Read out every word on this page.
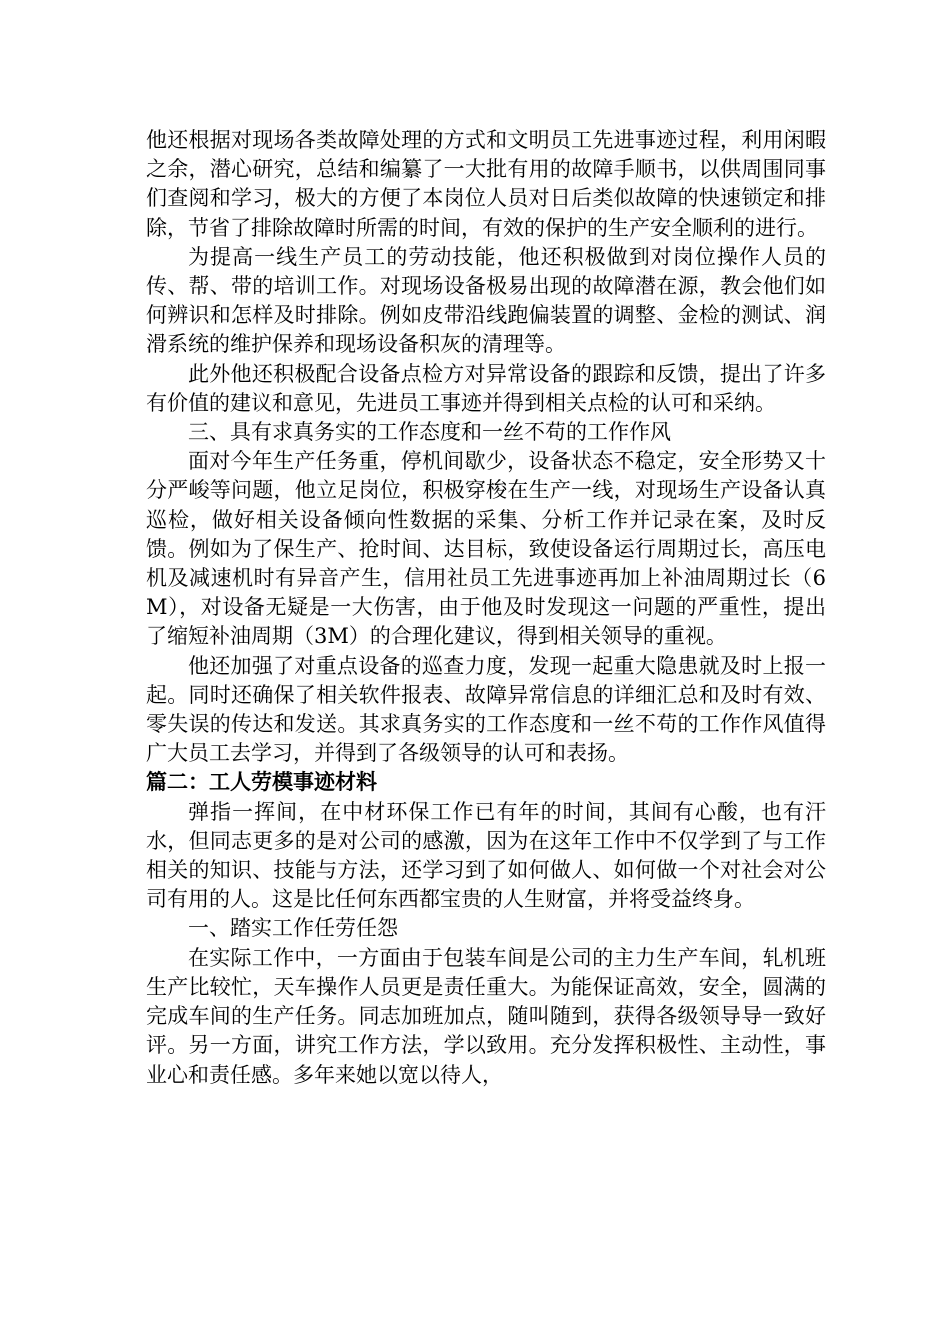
他还根据对现场各类故障处理的方式和文明员工先进事迹过程，利用闲暇之余，潜心研究，总结和编纂了一大批有用的故障手顺书，以供周围同事们查阅和学习，极大的方便了本岗位人员对日后类似故障的快速锁定和排除，节省了排除故障时所需的时间，有效的保护的生产安全顺利的进行。

为提高一线生产员工的劳动技能，他还积极做到对岗位操作人员的传、帮、带的培训工作。对现场设备极易出现的故障潜在源，教会他们如何辨识和怎样及时排除。例如皮带沿线跑偏装置的调整、金检的测试、润滑系统的维护保养和现场设备积灰的清理等。

此外他还积极配合设备点检方对异常设备的跟踪和反馈，提出了许多有价值的建议和意见，先进员工事迹并得到相关点检的认可和采纳。

三、具有求真务实的工作态度和一丝不苟的工作作风

面对今年生产任务重，停机间歇少，设备状态不稳定，安全形势又十分严峻等问题，他立足岗位，积极穿梭在生产一线，对现场生产设备认真巡检，做好相关设备倾向性数据的采集、分析工作并记录在案，及时反馈。例如为了保生产、抢时间、达目标，致使设备运行周期过长，高压电机及减速机时有异音产生，信用社员工先进事迹再加上补油周期过长（6M），对设备无疑是一大伤害，由于他及时发现这一问题的严重性，提出了缩短补油周期（3M）的合理化建议，得到相关领导的重视。

他还加强了对重点设备的巡查力度，发现一起重大隐患就及时上报一起。同时还确保了相关软件报表、故障异常信息的详细汇总和及时有效、零失误的传达和发送。其求真务实的工作态度和一丝不苟的工作作风值得广大员工去学习，并得到了各级领导的认可和表扬。

篇二：工人劳模事迹材料

弹指一挥间，在中材环保工作已有年的时间，其间有心酸，也有汗水，但同志更多的是对公司的感激，因为在这年工作中不仅学到了与工作相关的知识、技能与方法，还学习到了如何做人、如何做一个对社会对公司有用的人。这是比任何东西都宝贵的人生财富，并将受益终身。

一、踏实工作任劳任怨

在实际工作中，一方面由于包装车间是公司的主力生产车间，轧机班生产比较忙，天车操作人员更是责任重大。为能保证高效，安全，圆满的完成车间的生产任务。同志加班加点，随叫随到，获得各级领导导一致好评。另一方面，讲究工作方法，学以致用。充分发挥积极性、主动性，事业心和责任感。多年来她以宽以待人，
